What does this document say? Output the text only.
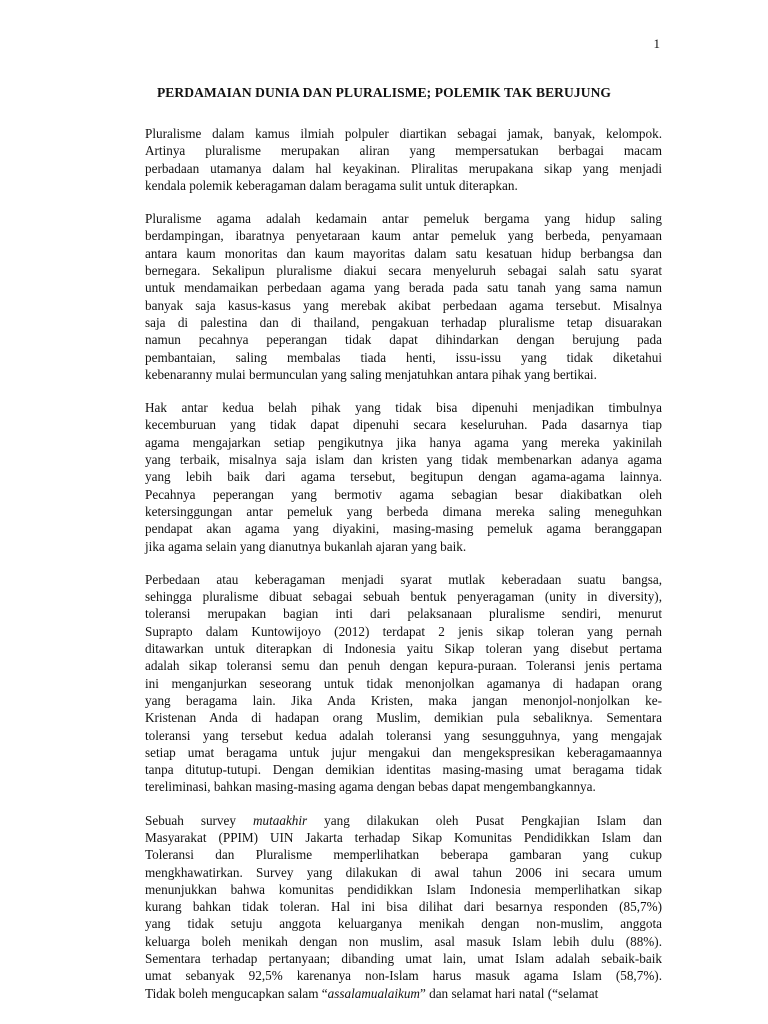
1
PERDAMAIAN DUNIA DAN PLURALISME; POLEMIK TAK BERUJUNG
Pluralisme dalam kamus ilmiah polpuler diartikan sebagai jamak, banyak, kelompok.
Artinya pluralisme merupakan aliran yang mempersatukan berbagai macam
perbadaan utamanya dalam hal keyakinan. Pliralitas merupakana sikap yang menjadi
kendala polemik keberagaman dalam beragama sulit untuk diterapkan.
Pluralisme agama adalah kedamain antar pemeluk bergama yang hidup saling
berdampingan, ibaratnya penyetaraan kaum antar pemeluk yang berbeda, penyamaan
antara kaum monoritas dan kaum mayoritas dalam satu kesatuan hidup berbangsa dan
bernegara. Sekalipun pluralisme diakui secara menyeluruh sebagai salah satu syarat
untuk mendamaikan perbedaan agama yang berada pada satu tanah yang sama namun
banyak saja kasus-kasus yang merebak akibat perbedaan agama tersebut. Misalnya
saja di palestina dan di thailand, pengakuan terhadap pluralisme tetap disuarakan
namun pecahnya peperangan tidak dapat dihindarkan dengan berujung pada
pembantaian, saling membalas tiada henti, issu-issu yang tidak diketahui
kebenaranny mulai bermunculan yang saling menjatuhkan antara pihak yang bertikai.
Hak antar kedua belah pihak yang tidak bisa dipenuhi menjadikan timbulnya
kecemburuan yang tidak dapat dipenuhi secara keseluruhan. Pada dasarnya tiap
agama mengajarkan setiap pengikutnya jika hanya agama yang mereka yakinilah
yang terbaik, misalnya saja islam dan kristen yang tidak membenarkan adanya agama
yang lebih baik dari agama tersebut, begitupun dengan agama-agama lainnya.
Pecahnya peperangan yang bermotiv agama sebagian besar diakibatkan oleh
ketersinggungan antar pemeluk yang berbeda dimana mereka saling meneguhkan
pendapat akan agama yang diyakini, masing-masing pemeluk agama beranggapan
jika agama selain yang dianutnya bukanlah ajaran yang baik.
Perbedaan atau keberagaman menjadi syarat mutlak keberadaan suatu bangsa,
sehingga pluralisme dibuat sebagai sebuah bentuk penyeragaman (unity in diversity),
toleransi merupakan bagian inti dari pelaksanaan pluralisme sendiri, menurut
Suprapto dalam Kuntowijoyo (2012) terdapat 2 jenis sikap toleran yang pernah
ditawarkan untuk diterapkan di Indonesia yaitu Sikap toleran yang disebut pertama
adalah sikap toleransi semu dan penuh dengan kepura-puraan. Toleransi jenis pertama
ini menganjurkan seseorang untuk tidak menonjolkan agamanya di hadapan orang
yang beragama lain. Jika Anda Kristen, maka jangan menonjol-nonjolkan ke-
Kristenan Anda di hadapan orang Muslim, demikian pula sebaliknya. Sementara
toleransi yang tersebut kedua adalah toleransi yang sesungguhnya, yang mengajak
setiap umat beragama untuk jujur mengakui dan mengekspresikan keberagamaannya
tanpa ditutup-tutupi. Dengan demikian identitas masing-masing umat beragama tidak
tereliminasi, bahkan masing-masing agama dengan bebas dapat mengembangkannya.
Sebuah survey mutaakhir yang dilakukan oleh Pusat Pengkajian Islam dan
Masyarakat (PPIM) UIN Jakarta terhadap Sikap Komunitas Pendidikkan Islam dan
Toleransi dan Pluralisme memperlihatkan beberapa gambaran yang cukup
mengkhawatirkan. Survey yang dilakukan di awal tahun 2006 ini secara umum
menunjukkan bahwa komunitas pendidikkan Islam Indonesia memperlihatkan sikap
kurang bahkan tidak toleran. Hal ini bisa dilihat dari besarnya responden (85,7%)
yang tidak setuju anggota keluarganya menikah dengan non-muslim, anggota
keluarga boleh menikah dengan non muslim, asal masuk Islam lebih dulu (88%).
Sementara terhadap pertanyaan; dibanding umat lain, umat Islam adalah sebaik-baik
umat sebanyak 92,5% karenanya non-Islam harus masuk agama Islam (58,7%).
Tidak boleh mengucapkan salam “assalamualaikum” dan selamat hari natal (“selamat
